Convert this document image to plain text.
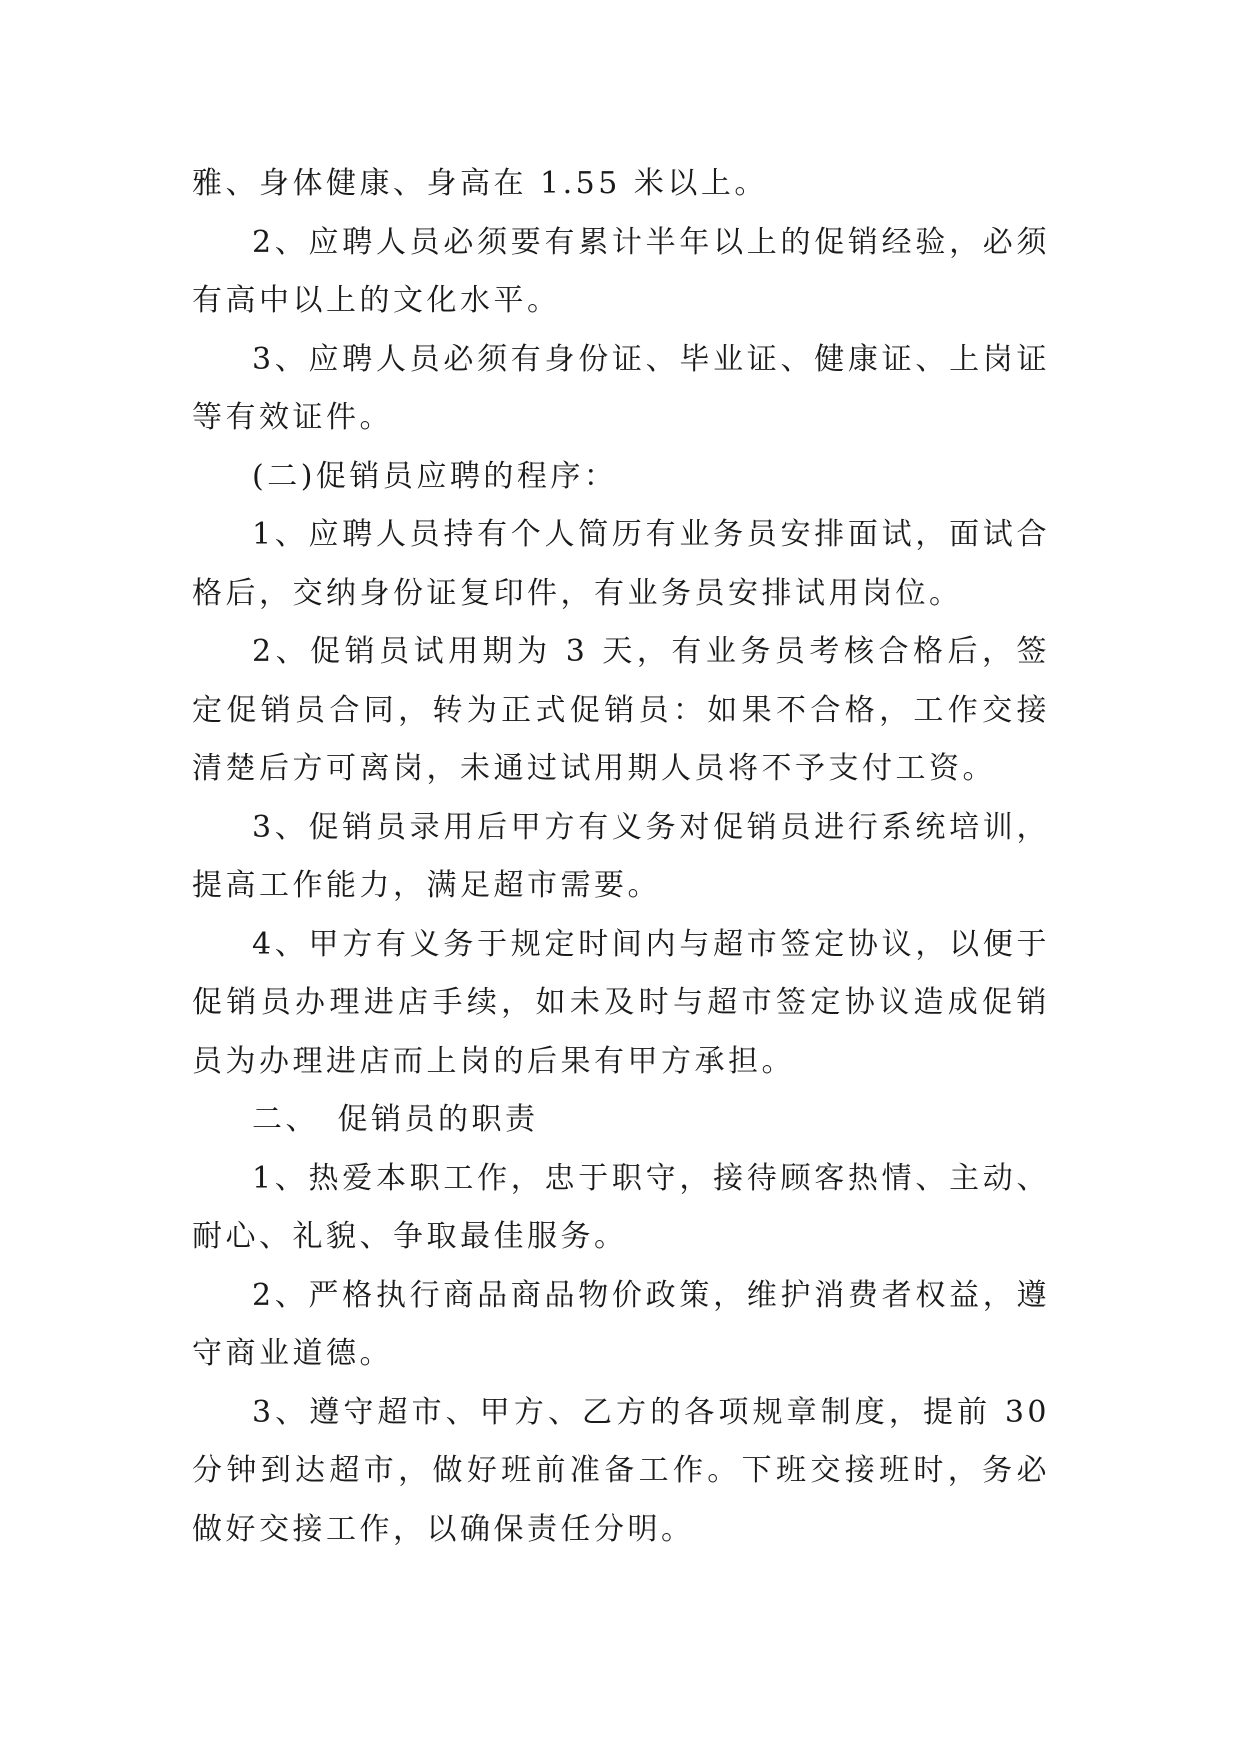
雅、身体健康、身高在 1.55 米以上。

2、应聘人员必须要有累计半年以上的促销经验，必须有高中以上的文化水平。

3、应聘人员必须有身份证、毕业证、健康证、上岗证等有效证件。

(二)促销员应聘的程序：

1、应聘人员持有个人简历有业务员安排面试，面试合格后，交纳身份证复印件，有业务员安排试用岗位。

2、促销员试用期为 3 天，有业务员考核合格后，签定促销员合同，转为正式促销员：如果不合格，工作交接清楚后方可离岗，未通过试用期人员将不予支付工资。

3、促销员录用后甲方有义务对促销员进行系统培训，提高工作能力，满足超市需要。

4、甲方有义务于规定时间内与超市签定协议，以便于促销员办理进店手续，如未及时与超市签定协议造成促销员为办理进店而上岗的后果有甲方承担。

二、　促销员的职责

1、热爱本职工作，忠于职守，接待顾客热情、主动、耐心、礼貌、争取最佳服务。

2、严格执行商品商品物价政策，维护消费者权益，遵守商业道德。

3、遵守超市、甲方、乙方的各项规章制度，提前 30 分钟到达超市，做好班前准备工作。下班交接班时，务必做好交接工作，以确保责任分明。
